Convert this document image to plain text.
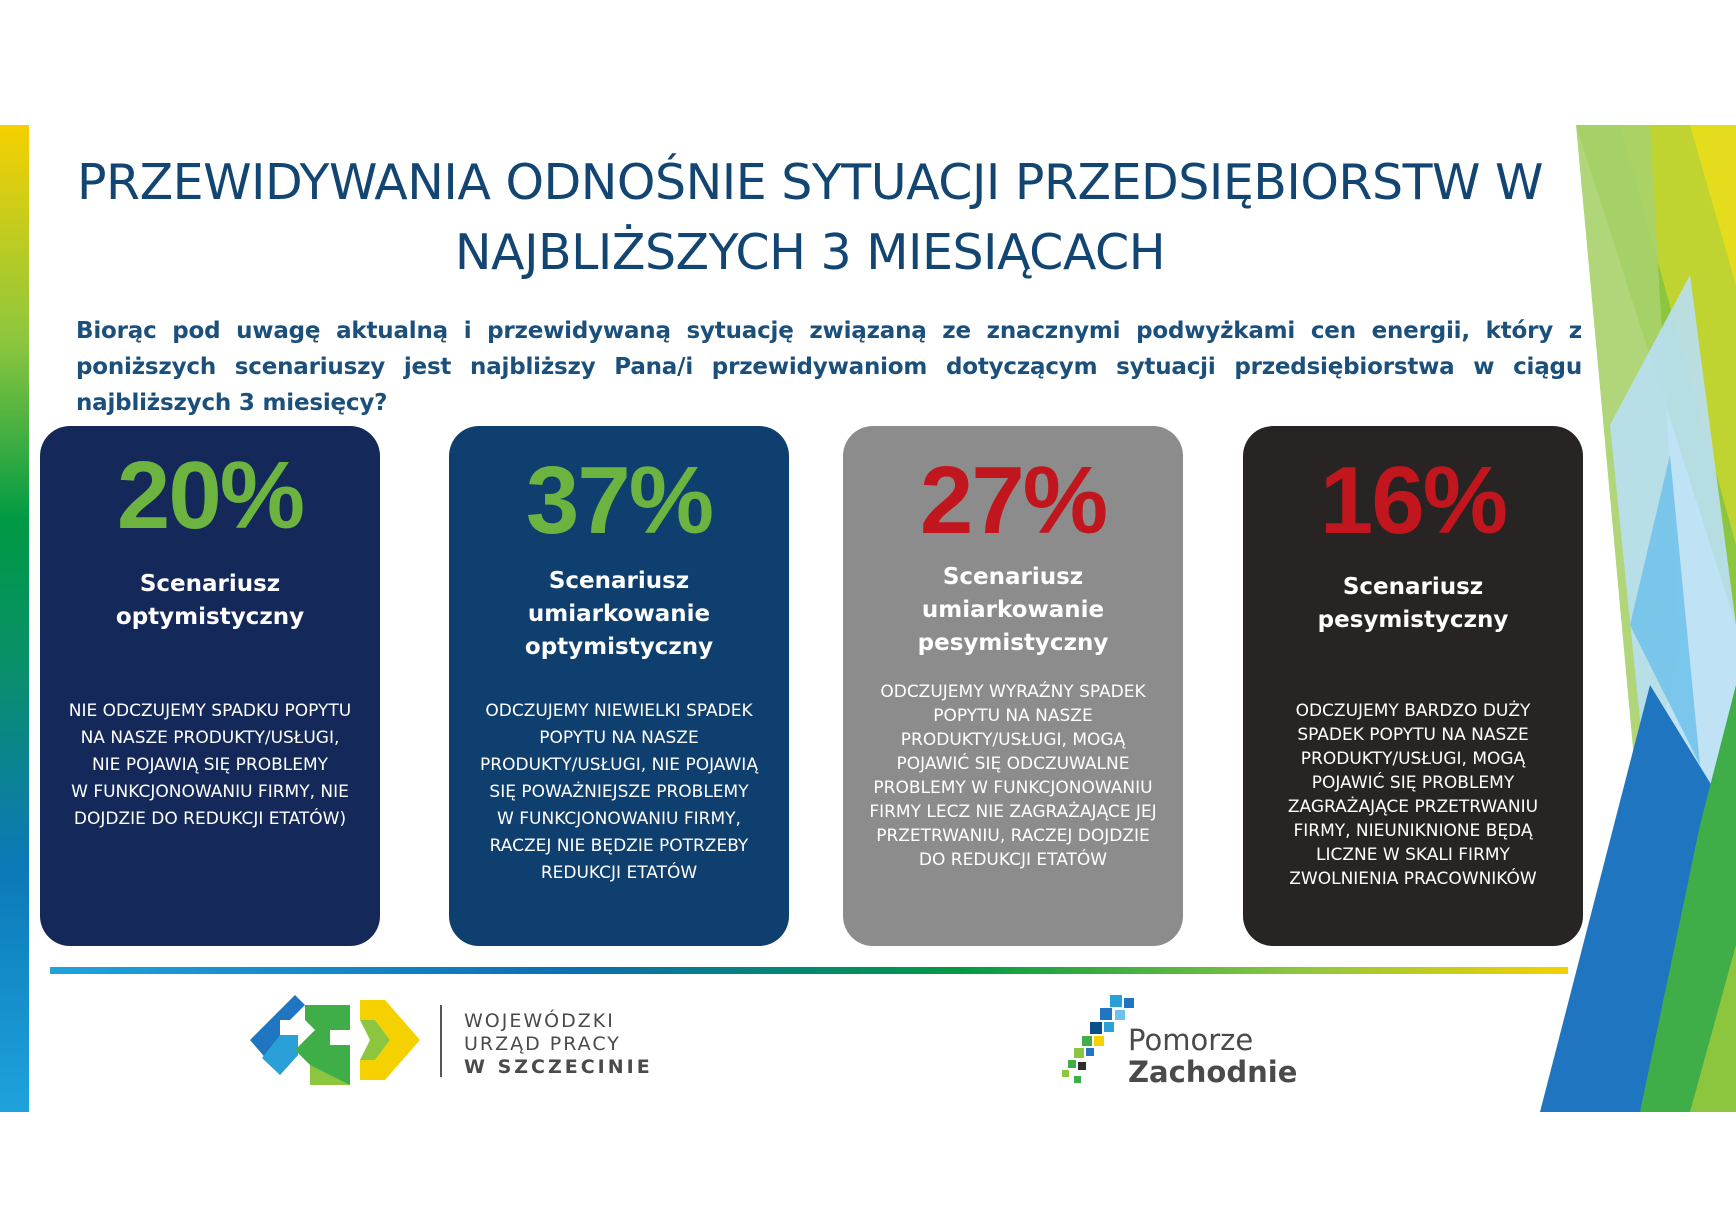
PRZEWIDYWANIA ODNOŚNIE SYTUACJI PRZEDSIĘBIORSTW W
NAJBLIŻSZYCH 3 MIESIĄCACH

Biorąc pod uwagę aktualną i przewidywaną sytuację związaną ze znacznymi podwyżkami cen energii, który z poniższych scenariuszy jest najbliższy Pana/i przewidywaniom dotyczącym sytuacji przedsiębiorstwa w ciągu najbliższych 3 miesięcy?

20%
Scenariusz
optymistyczny
NIE ODCZUJEMY SPADKU POPYTU
NA NASZE PRODUKTY/USŁUGI,
NIE POJAWIĄ SIĘ PROBLEMY
W FUNKCJONOWANIU FIRMY, NIE
DOJDZIE DO REDUKCJI ETATÓW)
37%
Scenariusz
umiarkowanie
optymistyczny
ODCZUJEMY NIEWIELKI SPADEK
POPYTU NA NASZE
PRODUKTY/USŁUGI, NIE POJAWIĄ
SIĘ POWAŻNIEJSZE PROBLEMY
W FUNKCJONOWANIU FIRMY,
RACZEJ NIE BĘDZIE POTRZEBY
REDUKCJI ETATÓW
27%
Scenariusz
umiarkowanie
pesymistyczny
ODCZUJEMY WYRAŹNY SPADEK
POPYTU NA NASZE
PRODUKTY/USŁUGI, MOGĄ
POJAWIĆ SIĘ ODCZUWALNE
PROBLEMY W FUNKCJONOWANIU
FIRMY LECZ NIE ZAGRAŻAJĄCE JEJ
PRZETRWANIU, RACZEJ DOJDZIE
DO REDUKCJI ETATÓW
16%
Scenariusz
pesymistyczny
ODCZUJEMY BARDZO DUŻY
SPADEK POPYTU NA NASZE
PRODUKTY/USŁUGI, MOGĄ
POJAWIĆ SIĘ PROBLEMY
ZAGRAŻAJĄCE PRZETRWANIU
FIRMY, NIEUNIKNIONE BĘDĄ
LICZNE W SKALI FIRMY
ZWOLNIENIA PRACOWNIKÓW
WOJEWÓDZKI
URZĄD PRACY
W SZCZECINIE
Pomorze
Zachodnie
